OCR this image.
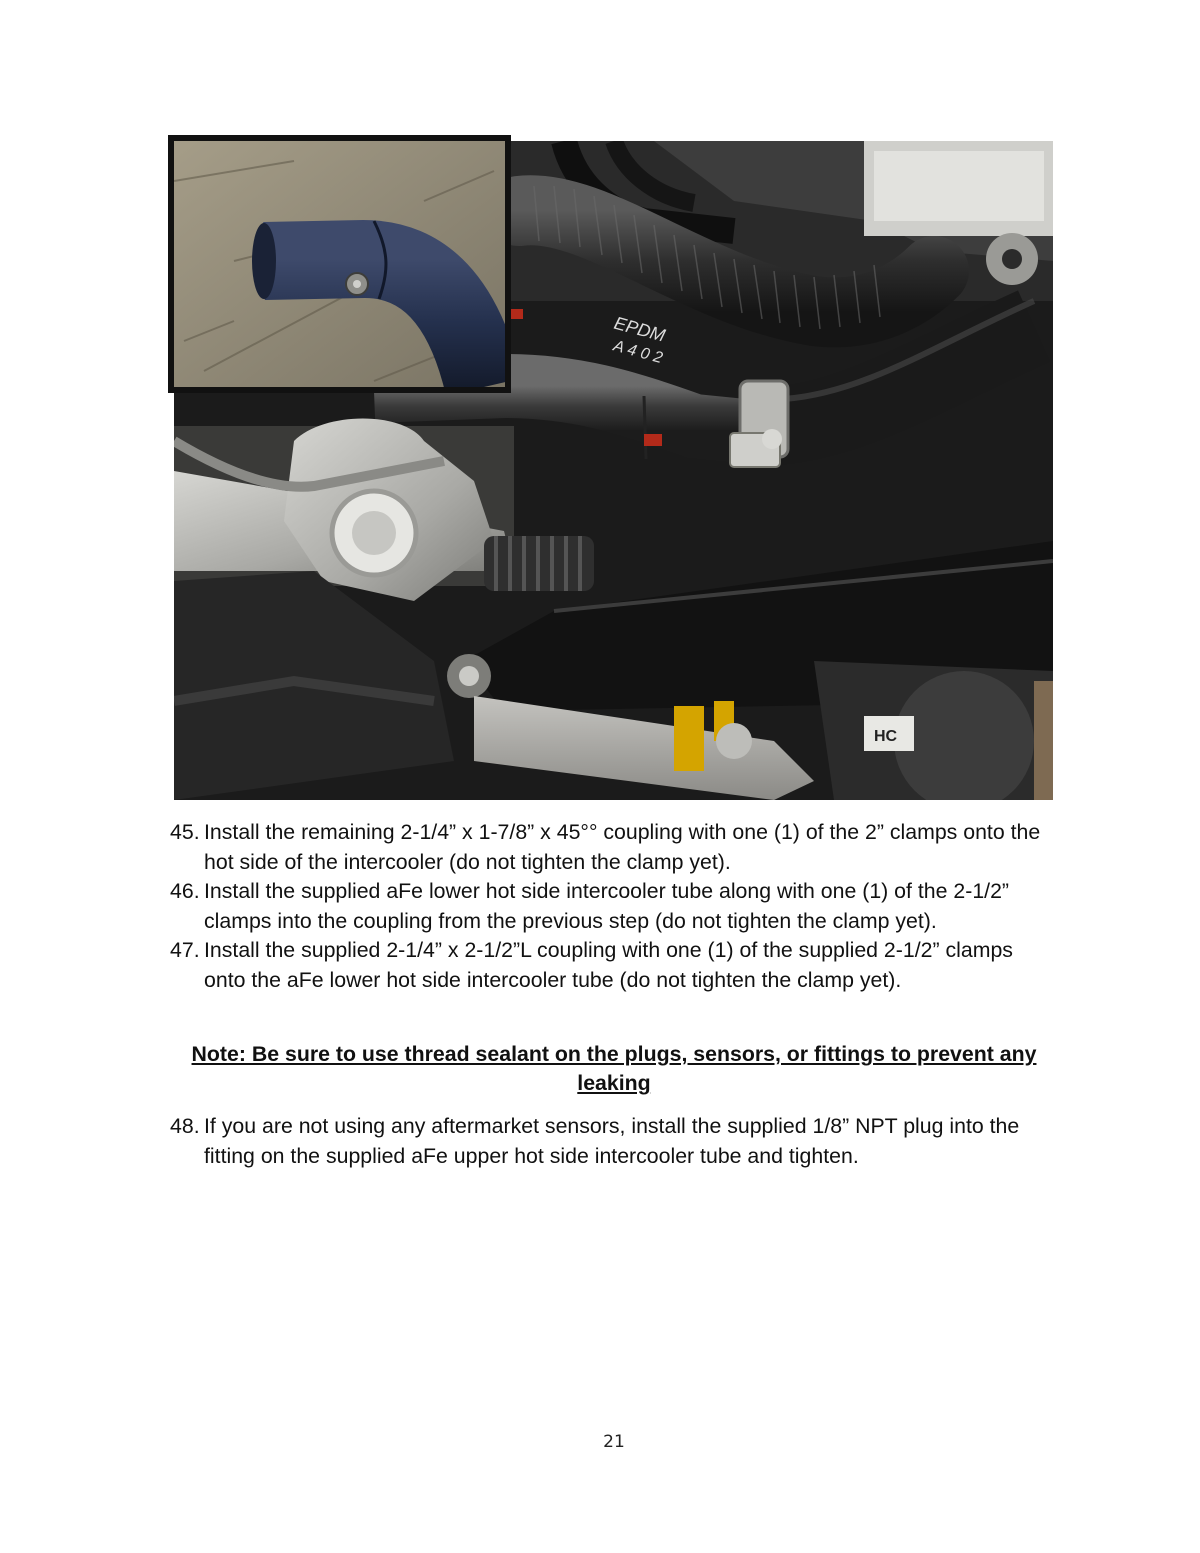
EPDM
A 4 0 2
HC
45. Install the remaining 2-1/4” x 1-7/8” x 45°° coupling with one (1) of the 2” clamps onto the hot side of the intercooler (do not tighten the clamp yet).
46. Install the supplied aFe lower hot side intercooler tube along with one (1) of the 2-1/2” clamps into the coupling from the previous step (do not tighten the clamp yet).
47. Install the supplied 2-1/4” x 2-1/2”L coupling with one (1) of the supplied 2-1/2” clamps onto the aFe lower hot side intercooler tube (do not tighten the clamp yet).
Note: Be sure to use thread sealant on the plugs, sensors, or fittings to prevent any leaking
48. If you are not using any aftermarket sensors, install the supplied 1/8” NPT plug into the fitting on the supplied aFe upper hot side intercooler tube and tighten.
21
